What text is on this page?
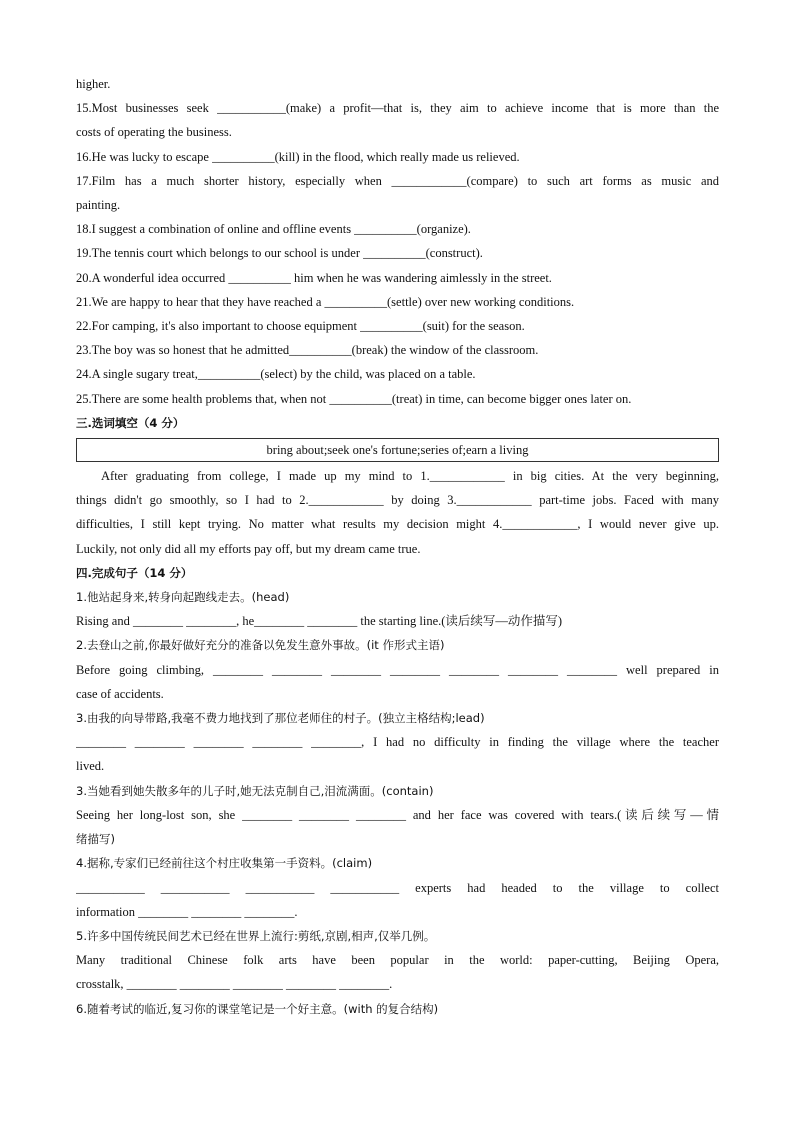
higher.
15.Most businesses seek ___________(make) a profit—that is, they aim to achieve income that is more than the
costs of operating the business.
16.He was lucky to escape __________(kill) in the flood, which really made us relieved.
17.Film has a much shorter history, especially when ____________(compare) to such art forms as music and
painting.
18.I suggest a combination of online and offline events __________(organize).
19.The tennis court which belongs to our school is under __________(construct).
20.A wonderful idea occurred __________ him when he was wandering aimlessly in the street.
21.We are happy to hear that they have reached a __________(settle) over new working conditions.
22.For camping, it's also important to choose equipment __________(suit) for the season.
23.The boy was so honest that he admitted__________(break) the window of the classroom.
24.A single sugary treat,__________(select) by the child, was placed on a table.
25.There are some health problems that, when not __________(treat) in time, can become bigger ones later on.
三.选词填空（4 分）
bring about;seek one's fortune;series of;earn a living
After graduating from college, I made up my mind to 1.____________ in big cities. At the very beginning,
things didn't go smoothly, so I had to 2.____________ by doing 3.____________ part-time jobs. Faced with many
difficulties, I still kept trying. No matter what results my decision might 4.____________, I would never give up.
Luckily, not only did all my efforts pay off, but my dream came true.
四.完成句子（14 分）
1.他站起身来,转身向起跑线走去。(head)
Rising and ________ ________, he________ ________ the starting line.(读后续写—动作描写)
2.去登山之前,你最好做好充分的准备以免发生意外事故。(it 作形式主语)
Before going climbing, ________ ________ ________ ________ ________ ________ ________ well prepared in
case of accidents.
3.由我的向导带路,我毫不费力地找到了那位老师住的村子。(独立主格结构;lead)
________ ________ ________ ________ ________, I had no difficulty in finding the village where the teacher
lived.
3.当她看到她失散多年的儿子时,她无法克制自己,泪流满面。(contain)
Seeing her long-lost son, she ________ ________ ________ and her face was covered with tears.(读后续写—情
绪描写)
4.据称,专家们已经前往这个村庄收集第一手资料。(claim)
___________ ___________ ___________ ___________ experts had headed to the village to collect
information ________ ________ ________.
5.许多中国传统民间艺术已经在世界上流行:剪纸,京剧,相声,仅举几例。
Many traditional Chinese folk arts have been popular in the world: paper-cutting, Beijing Opera,
crosstalk, ________ ________ ________ ________ ________.
6.随着考试的临近,复习你的课堂笔记是一个好主意。(with 的复合结构)
